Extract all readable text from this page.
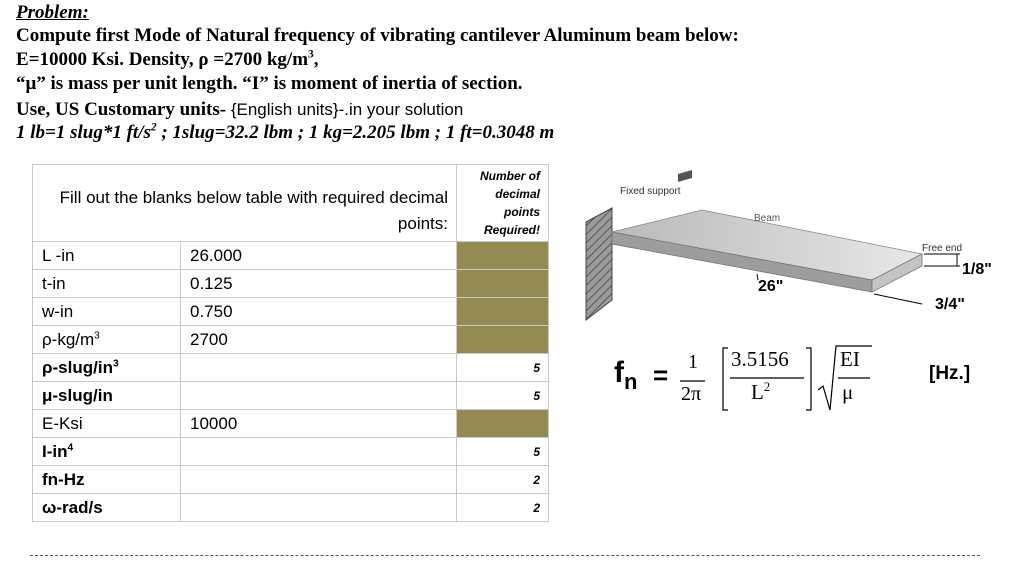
Problem:
Compute first Mode of Natural frequency of vibrating cantilever Aluminum beam below:
E=10000 Ksi. Density, ρ =2700 $kg/m^3$,
“μ” is mass per unit length. “I” is moment of inertia of section.
Use, US Customary units- {English units}-.in your solution
1 lb=1 slug*1 $ft/s^2$ ; 1slug=32.2 lbm ; 1 kg=2.205 lbm ; 1 ft=0.3048 m
Fill out the blanks below table with required decimal points:		Number of decimal points Required!
L -in	26.000	
t-in	0.125	
w-in	0.750	
$\rho-kg/m^3$	2700	
$\rho-slug/in^3$		5
μ-slug/in		5
E-Ksi	10000	
$I-in^4$		5
fn-Hz		2
ω-rad/s		2
Fixed support
Beam
Free end
26"
1/8"
3/4"
$f_n = 1$
2π
3.5156
$L^2$
EI
μ
[Hz.]
